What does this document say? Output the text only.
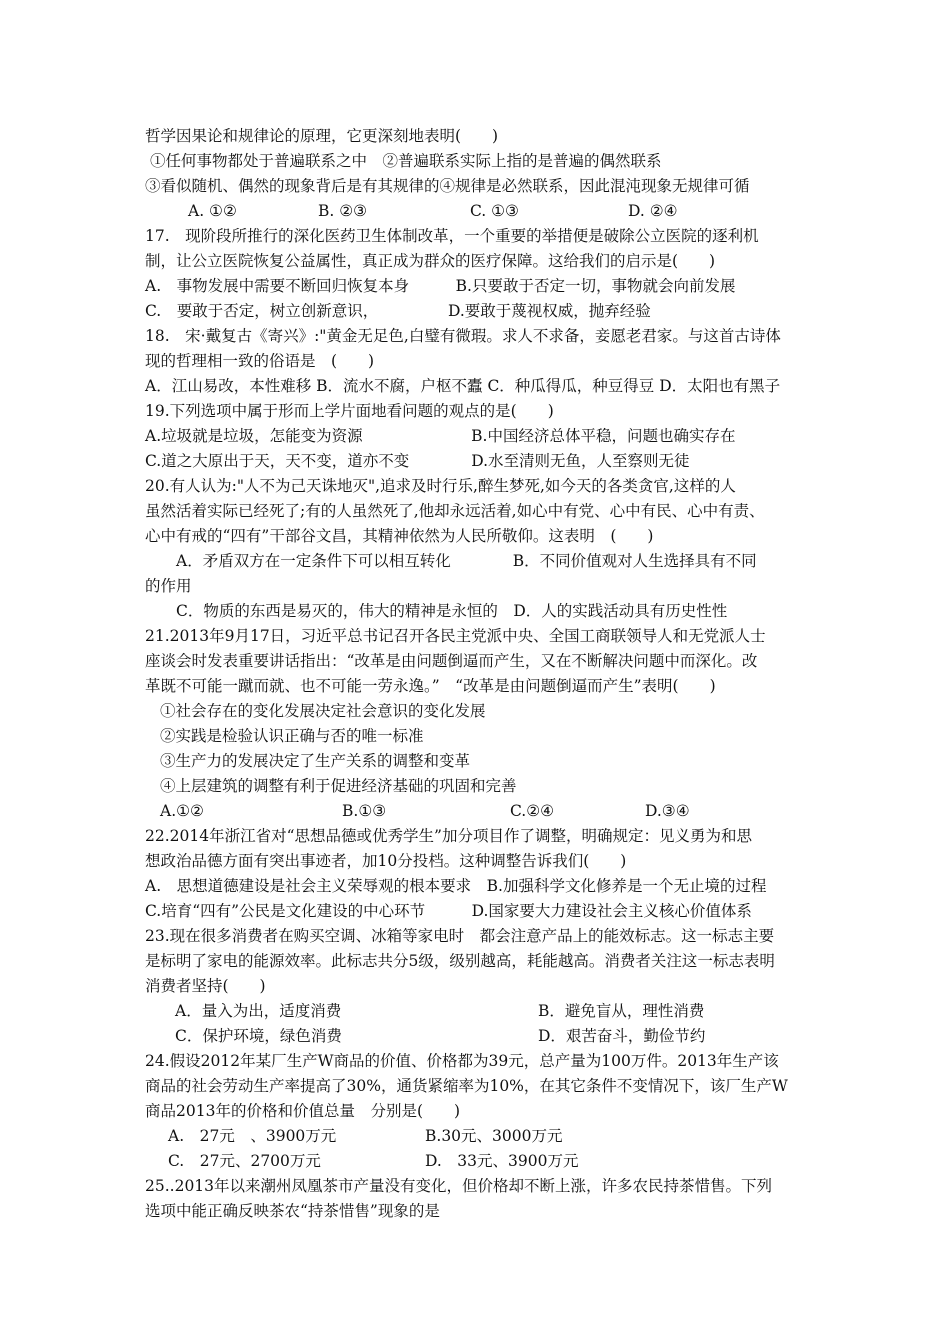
哲学因果论和规律论的原理，它更深刻地表明(　　)
①任何事物都处于普遍联系之中　②普遍联系实际上指的是普遍的偶然联系
③看似随机、偶然的现象背后是有其规律的④规律是必然联系，因此混沌现象无规律可循
A. ①②	B. ②③	C. ①③	D. ②④
17.　现阶段所推行的深化医药卫生体制改革，一个重要的举措便是破除公立医院的逐利机
制，让公立医院恢复公益属性，真正成为群众的医疗保障。这给我们的启示是(　　)
A.　事物发展中需要不断回归恢复本身　　　B.只要敢于否定一切，事物就会向前发展
C.　要敢于否定，树立创新意识，　　　　　D.要敢于蔑视权威，抛弃经验
18.　宋·戴复古《寄兴》:"黄金无足色,白璧有微瑕。求人不求备，妾愿老君家。与这首古诗体
现的哲理相一致的俗语是　(　　)
A．江山易改，本性难移 B．流水不腐，户枢不蠹 C．种瓜得瓜，种豆得豆 D．太阳也有黑子
19.下列选项中属于形而上学片面地看问题的观点的是(　　)
A.垃圾就是垃圾，怎能变为资源　　　　　　　B.中国经济总体平稳，问题也确实存在
C.道之大原出于天，天不变，道亦不变　　　　D.水至清则无鱼，人至察则无徒
20.有人认为:"人不为己天诛地灭",追求及时行乐,醉生梦死,如今天的各类贪官,这样的人
虽然活着实际已经死了;有的人虽然死了,他却永远活着,如心中有党、心中有民、心中有责、
心中有戒的“四有”干部谷文昌，其精神依然为人民所敬仰。这表明　(　　)
　　A．矛盾双方在一定条件下可以相互转化　　　　B．不同价值观对人生选择具有不同
的作用
　　C．物质的东西是易灭的，伟大的精神是永恒的　D．人的实践活动具有历史性性
21.2013年9月17日，习近平总书记召开各民主党派中央、全国工商联领导人和无党派人士
座谈会时发表重要讲话指出：“改革是由问题倒逼而产生，又在不断解决问题中而深化。改
革既不可能一蹴而就、也不可能一劳永逸。”　“改革是由问题倒逼而产生”表明(　　)
①社会存在的变化发展决定社会意识的变化发展
②实践是检验认识正确与否的唯一标准
③生产力的发展决定了生产关系的调整和变革
④上层建筑的调整有利于促进经济基础的巩固和完善
A.①②	B.①③	C.②④	D.③④
22.2014年浙江省对“思想品德或优秀学生”加分项目作了调整，明确规定：见义勇为和思
想政治品德方面有突出事迹者，加10分投档。这种调整告诉我们(　　)
A.　思想道德建设是社会主义荣辱观的根本要求　B.加强科学文化修养是一个无止境的过程
C.培育“四有”公民是文化建设的中心环节　　　D.国家要大力建设社会主义核心价值体系
23.现在很多消费者在购买空调、冰箱等家电时　都会注意产品上的能效标志。这一标志主要
是标明了家电的能源效率。此标志共分5级，级别越高，耗能越高。消费者关注这一标志表明
消费者坚持(　　)
A．量入为出，适度消费	B．避免盲从，理性消费
C．保护环境，绿色消费	D．艰苦奋斗，勤俭节约
24.假设2012年某厂生产W商品的价值、价格都为39元，总产量为100万件。2013年生产该
商品的社会劳动生产率提高了30%，通货紧缩率为10%，在其它条件不变情况下，该厂生产W
商品2013年的价格和价值总量　分别是(　　)
A.　27元　、3900万元	B.30元、3000万元
C.　27元、2700万元	D.　33元、3900万元
25..2013年以来潮州凤凰茶市产量没有变化，但价格却不断上涨，许多农民持茶惜售。下列
选项中能正确反映茶农“持茶惜售”现象的是
